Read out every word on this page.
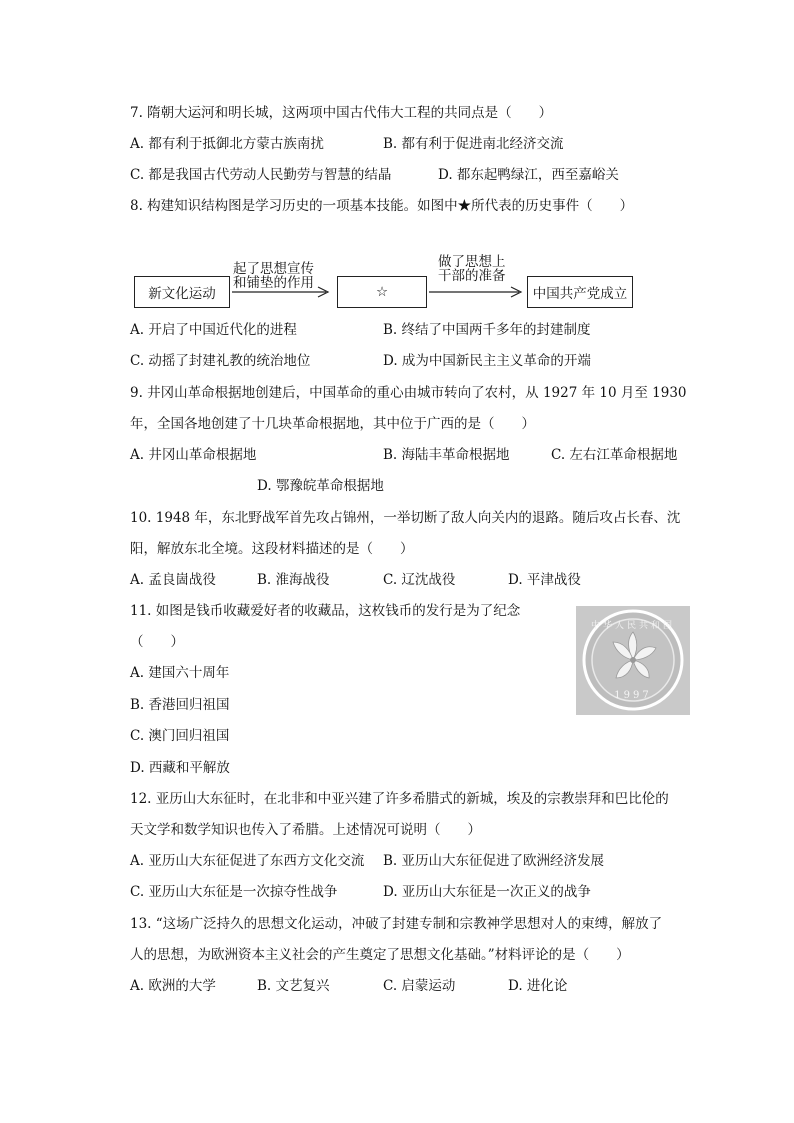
7. 隋朝大运河和明长城，这两项中国古代伟大工程的共同点是（　　）
A. 都有利于抵御北方蒙古族南扰	B. 都有利于促进南北经济交流
C. 都是我国古代劳动人民勤劳与智慧的结晶	D. 都东起鸭绿江，西至嘉峪关
8. 构建知识结构图是学习历史的一项基本技能。如图中★所代表的历史事件（　　）
新文化运动
起了思想宣传
和铺垫的作用
☆
做了思想上
干部的准备
中国共产党成立
A. 开启了中国近代化的进程	B. 终结了中国两千多年的封建制度
C. 动摇了封建礼教的统治地位	D. 成为中国新民主主义革命的开端
9. 井冈山革命根据地创建后，中国革命的重心由城市转向了农村，从 1927 年 10 月至 1930
年，全国各地创建了十几块革命根据地，其中位于广西的是（　　）
A. 井冈山革命根据地	B. 海陆丰革命根据地	C. 左右江革命根据地
D. 鄂豫皖革命根据地
10. 1948 年，东北野战军首先攻占锦州，一举切断了敌人向关内的退路。随后攻占长春、沈
阳，解放东北全境。这段材料描述的是（　　）
A. 孟良崮战役	B. 淮海战役	C. 辽沈战役	D. 平津战役
11. 如图是钱币收藏爱好者的收藏品，这枚钱币的发行是为了纪念
（　　）
中华人民共和国
1997
A. 建国六十周年
B. 香港回归祖国
C. 澳门回归祖国
D. 西藏和平解放
12. 亚历山大东征时，在北非和中亚兴建了许多希腊式的新城，埃及的宗教崇拜和巴比伦的
天文学和数学知识也传入了希腊。上述情况可说明（　　）
A. 亚历山大东征促进了东西方文化交流 B. 亚历山大东征促进了欧洲经济发展
C. 亚历山大东征是一次掠夺性战争	D. 亚历山大东征是一次正义的战争
13. “这场广泛持久的思想文化运动，冲破了封建专制和宗教神学思想对人的束缚，解放了
人的思想，为欧洲资本主义社会的产生奠定了思想文化基础。”材料评论的是（　　）
A. 欧洲的大学	B. 文艺复兴	C. 启蒙运动	D. 进化论
